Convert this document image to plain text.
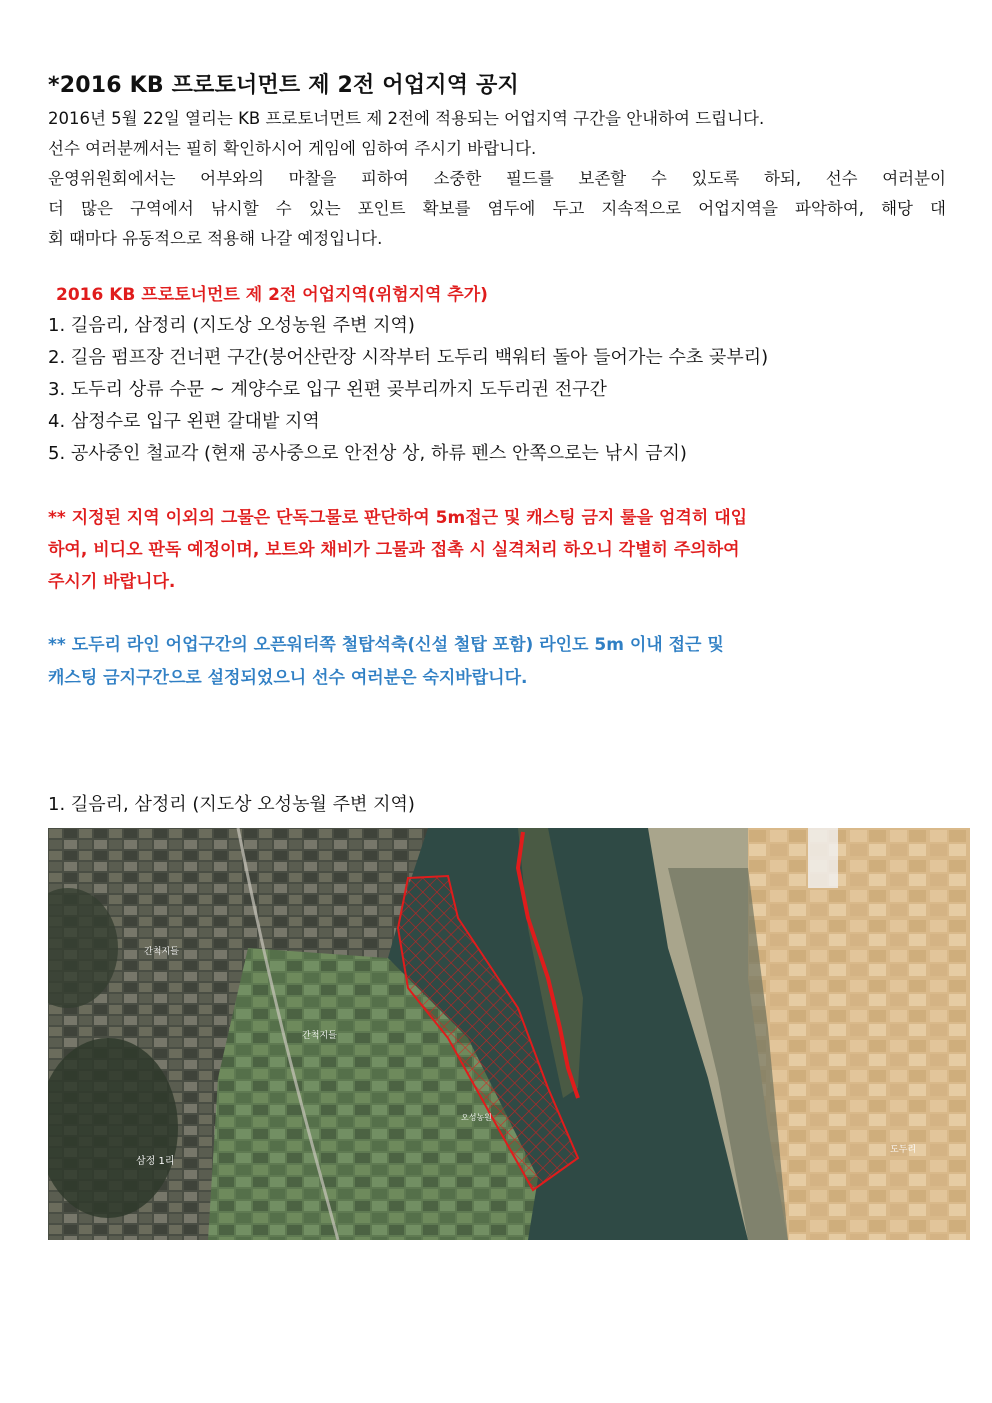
*2016 KB 프로토너먼트 제 2전 어업지역 공지

2016년 5월 22일 열리는 KB 프로토너먼트 제 2전에 적용되는 어업지역 구간을 안내하여 드립니다.
선수 여러분께서는 필히 확인하시어 게임에 임하여 주시기 바랍니다.
운영위원회에서는 어부와의 마찰을 피하여 소중한 필드를 보존할 수 있도록 하되, 선수 여러분이
더 많은 구역에서 낚시할 수 있는 포인트 확보를 염두에 두고 지속적으로 어업지역을 파악하여, 해당 대
회 때마다 유동적으로 적용해 나갈 예정입니다.

2016 KB 프로토너먼트 제 2전 어업지역(위험지역 추가)
1. 길음리, 삼정리 (지도상 오성농원 주변 지역)
2. 길음 펌프장 건너편 구간(붕어산란장 시작부터 도두리 백워터 돌아 들어가는 수초 곶부리)
3. 도두리 상류 수문 ~ 계양수로 입구 왼편 곶부리까지 도두리권 전구간
4. 삼정수로 입구 왼편 갈대밭 지역
5. 공사중인 철교각 (현재 공사중으로 안전상 상, 하류 펜스 안쪽으로는 낚시 금지)

** 지정된 지역 이외의 그물은 단독그물로 판단하여 5m접근 및 캐스팅 금지 룰을 엄격히 대입
하여, 비디오 판독 예정이며, 보트와 채비가 그물과 접촉 시 실격처리 하오니 각별히 주의하여
주시기 바랍니다.

** 도두리 라인 어업구간의 오픈워터쪽 철탑석축(신설 철탑 포함) 라인도 5m 이내 접근 및
캐스팅 금지구간으로 설정되었으니 선수 여러분은 숙지바랍니다.

1. 길음리, 삼정리 (지도상 오성농월 주변 지역)

간척지들
오성농원
삼정 1리
간척지들
도두리
